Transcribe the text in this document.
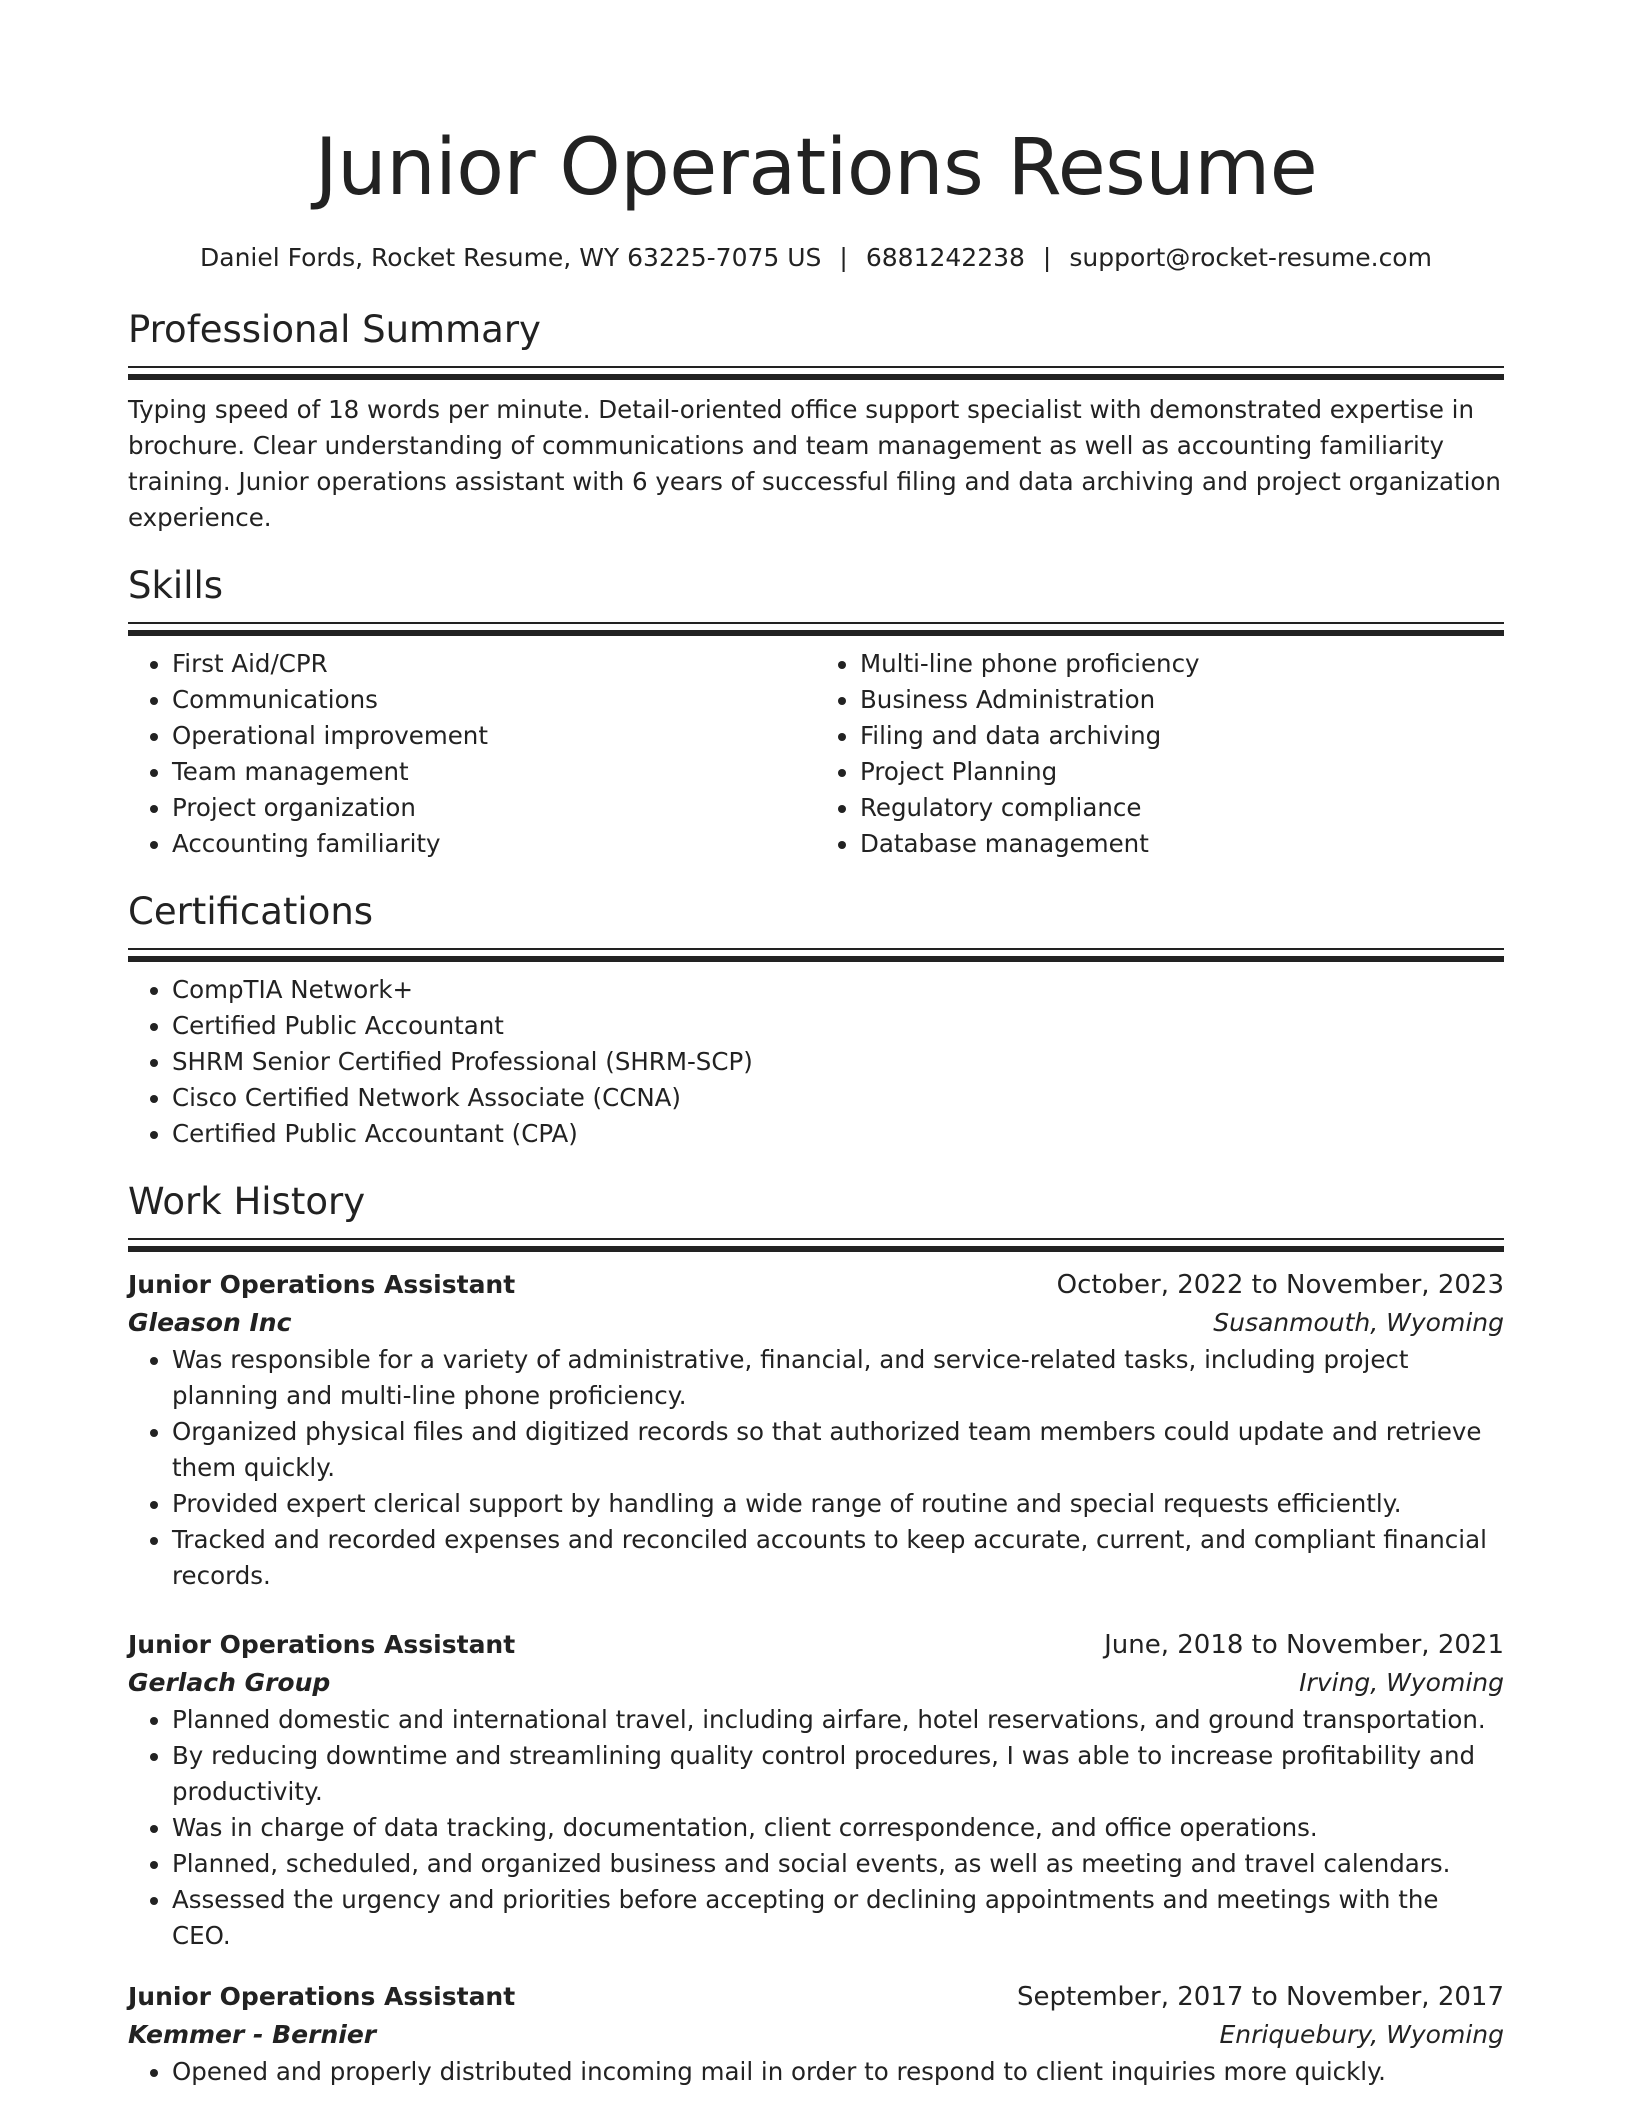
Junior Operations Resume
Daniel Fords, Rocket Resume, WY 63225-7075 US | 6881242238 | support@rocket-resume.com
Professional Summary

Typing speed of 18 words per minute. Detail-oriented office support specialist with demonstrated expertise in brochure. Clear understanding of communications and team management as well as accounting familiarity training. Junior operations assistant with 6 years of successful filing and data archiving and project organization experience.

Skills
• First Aid/CPR
• Communications
• Operational improvement
• Team management
• Project organization
• Accounting familiarity
• Multi-line phone proficiency
• Business Administration
• Filing and data archiving
• Project Planning
• Regulatory compliance
• Database management
Certifications
• CompTIA Network+
• Certified Public Accountant
• SHRM Senior Certified Professional (SHRM-SCP)
• Cisco Certified Network Associate (CCNA)
• Certified Public Accountant (CPA)
Work History
Junior Operations Assistant	October, 2022 to November, 2023
Gleason Inc	Susanmouth, Wyoming
• Was responsible for a variety of administrative, financial, and service-related tasks, including project planning and multi-line phone proficiency.
• Organized physical files and digitized records so that authorized team members could update and retrieve them quickly.
• Provided expert clerical support by handling a wide range of routine and special requests efficiently.
• Tracked and recorded expenses and reconciled accounts to keep accurate, current, and compliant financial records.
Junior Operations Assistant	June, 2018 to November, 2021
Gerlach Group	Irving, Wyoming
• Planned domestic and international travel, including airfare, hotel reservations, and ground transportation.
• By reducing downtime and streamlining quality control procedures, I was able to increase profitability and productivity.
• Was in charge of data tracking, documentation, client correspondence, and office operations.
• Planned, scheduled, and organized business and social events, as well as meeting and travel calendars.
• Assessed the urgency and priorities before accepting or declining appointments and meetings with the CEO.
Junior Operations Assistant	September, 2017 to November, 2017
Kemmer - Bernier	Enriquebury, Wyoming
• Opened and properly distributed incoming mail in order to respond to client inquiries more quickly.
